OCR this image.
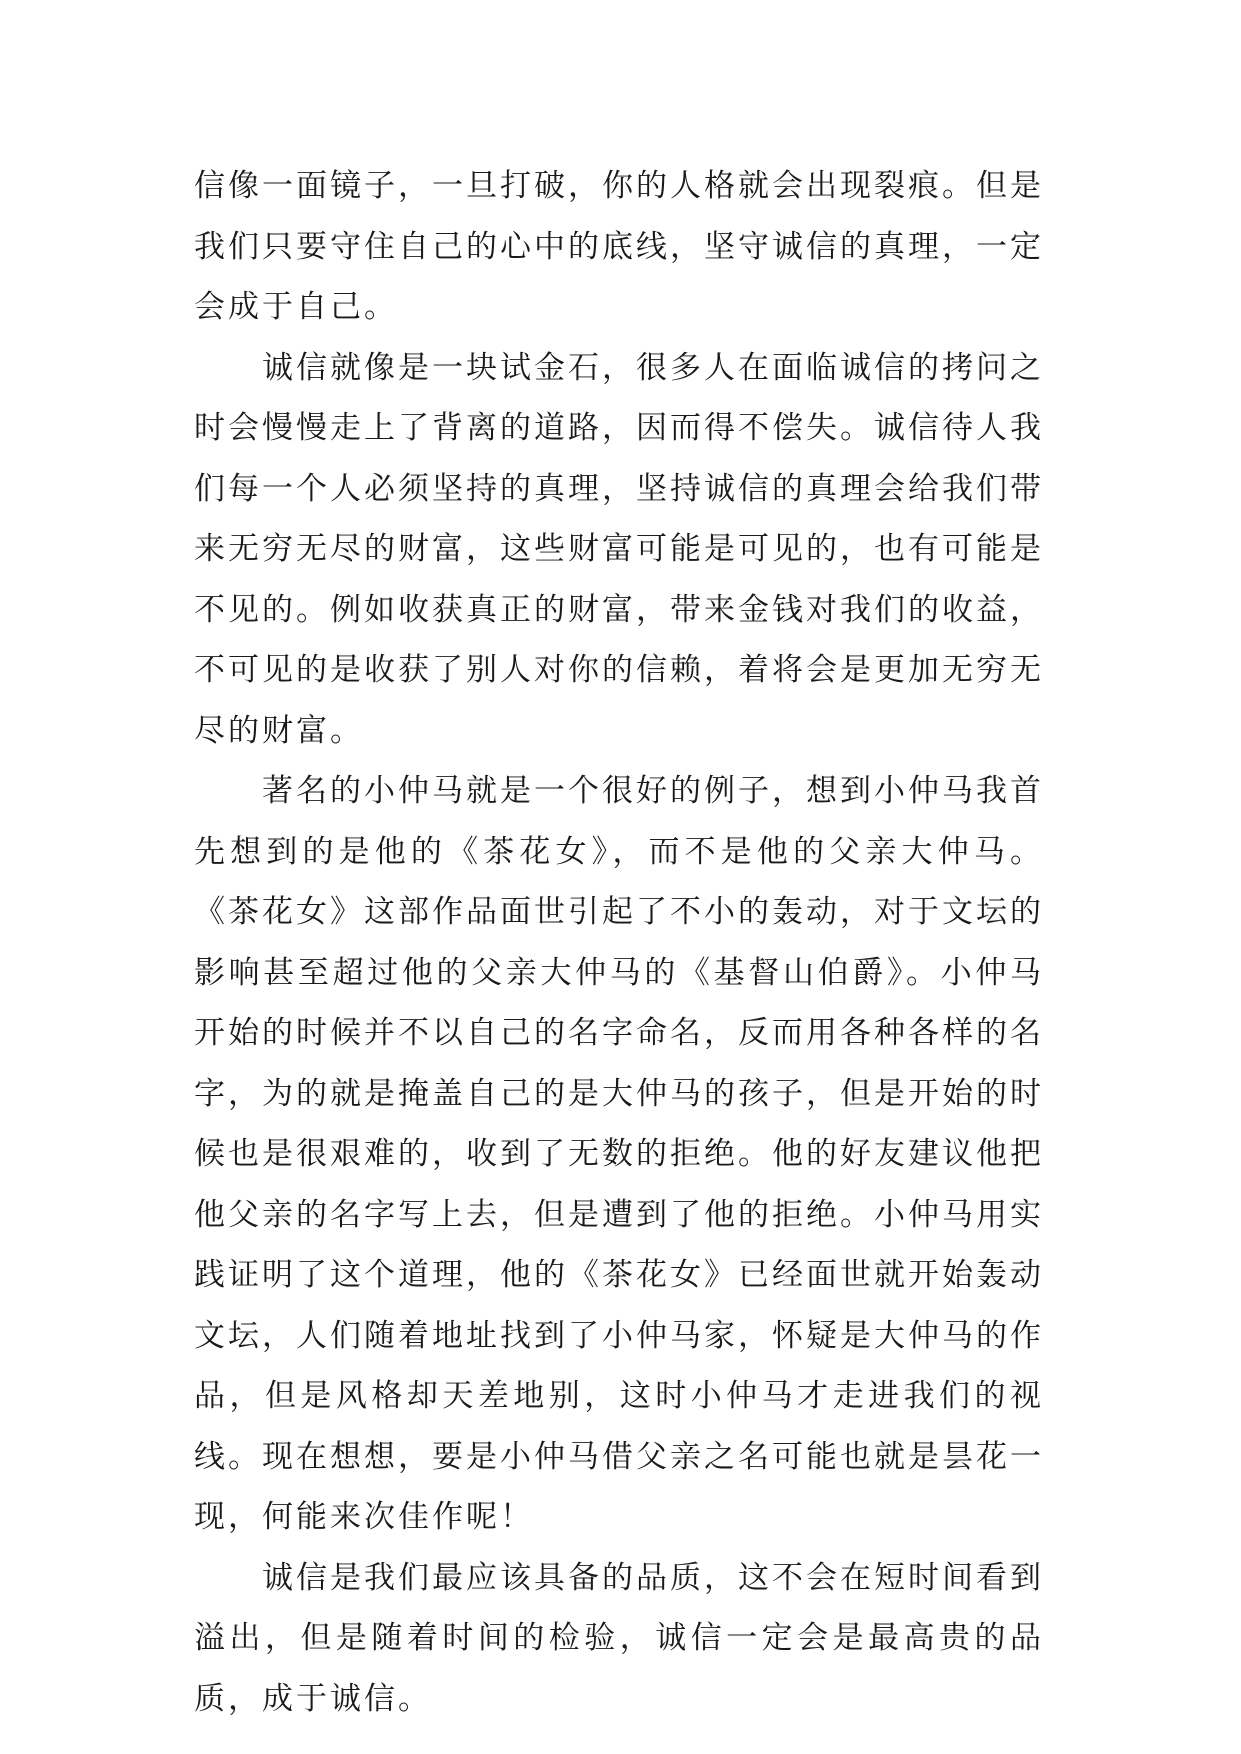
信像一面镜子，一旦打破，你的人格就会出现裂痕。但是我们只要守住自己的心中的底线，坚守诚信的真理，一定会成于自己。

诚信就像是一块试金石，很多人在面临诚信的拷问之时会慢慢走上了背离的道路，因而得不偿失。诚信待人我们每一个人必须坚持的真理，坚持诚信的真理会给我们带来无穷无尽的财富，这些财富可能是可见的，也有可能是不见的。例如收获真正的财富，带来金钱对我们的收益，不可见的是收获了别人对你的信赖，着将会是更加无穷无尽的财富。

著名的小仲马就是一个很好的例子，想到小仲马我首先想到的是他的《茶花女》，而不是他的父亲大仲马。《茶花女》这部作品面世引起了不小的轰动，对于文坛的影响甚至超过他的父亲大仲马的《基督山伯爵》。小仲马开始的时候并不以自己的名字命名，反而用各种各样的名字，为的就是掩盖自己的是大仲马的孩子，但是开始的时候也是很艰难的，收到了无数的拒绝。他的好友建议他把他父亲的名字写上去，但是遭到了他的拒绝。小仲马用实践证明了这个道理，他的《茶花女》已经面世就开始轰动文坛，人们随着地址找到了小仲马家，怀疑是大仲马的作品，但是风格却天差地别，这时小仲马才走进我们的视线。现在想想，要是小仲马借父亲之名可能也就是昙花一现，何能来次佳作呢！

诚信是我们最应该具备的品质，这不会在短时间看到溢出，但是随着时间的检验，诚信一定会是最高贵的品质，成于诚信。
